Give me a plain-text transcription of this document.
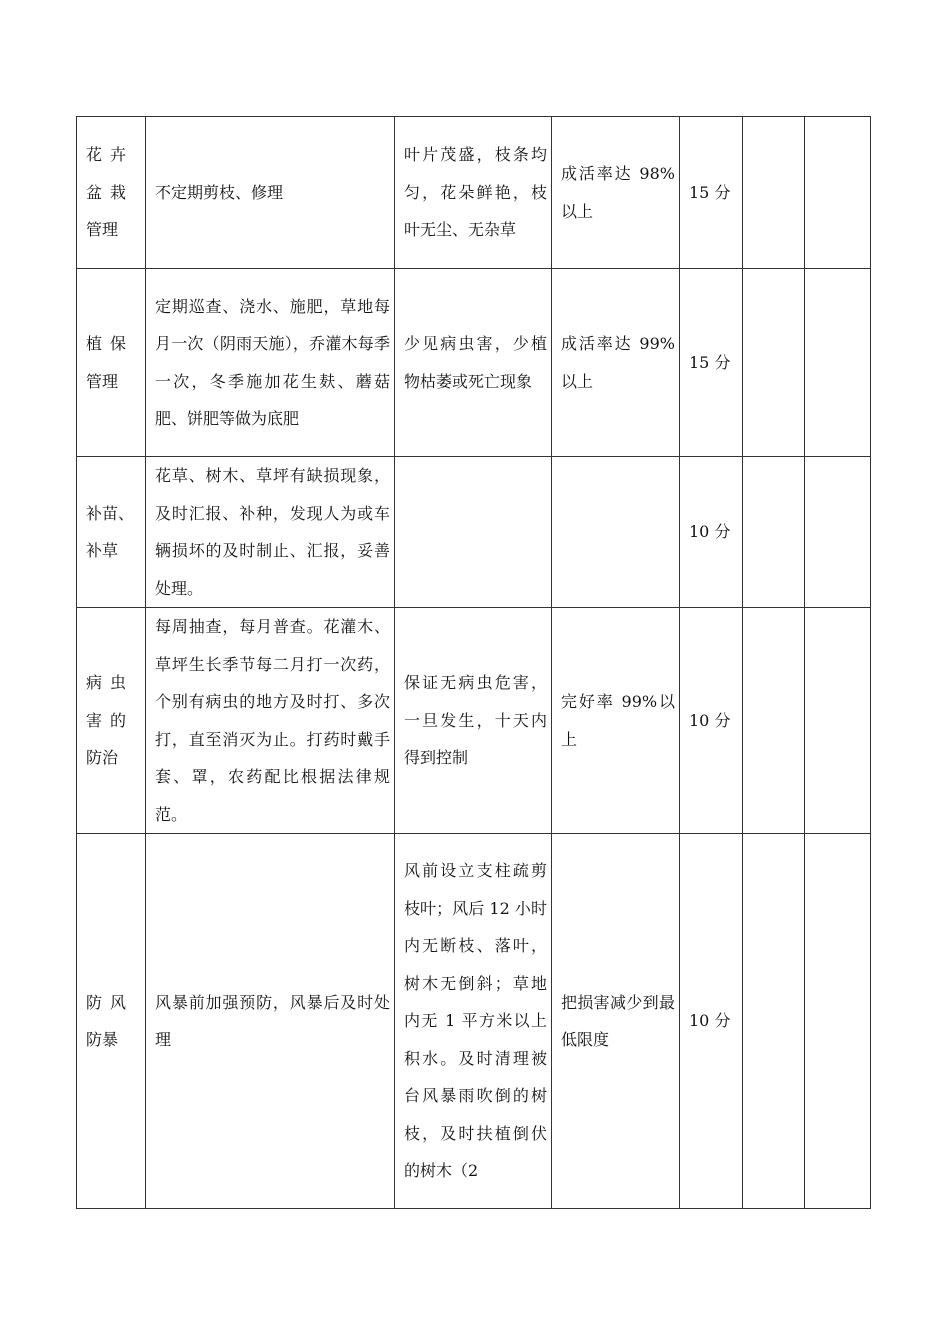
花卉盆栽管理	不定期剪枝、修理	叶片茂盛，枝条均匀，花朵鲜艳，枝叶无尘、无杂草	成活率达 98%以上	15 分		

植保管理	定期巡查、浇水、施肥，草地每月一次（阴雨天施），乔灌木每季一次，冬季施加花生麸、蘑菇肥、饼肥等做为底肥	少见病虫害，少植物枯萎或死亡现象	成活率达 99%以上	15 分		

补苗、补草	花草、树木、草坪有缺损现象，及时汇报、补种，发现人为或车辆损坏的及时制止、汇报，妥善处理。			10 分		

病虫害的防治	每周抽查，每月普查。花灌木、草坪生长季节每二月打一次药，个别有病虫的地方及时打、多次打，直至消灭为止。打药时戴手套、罩，农药配比根据法律规范。	保证无病虫危害，一旦发生，十天内得到控制	完好率 99%以上	10 分		

防风防暴	风暴前加强预防，风暴后及时处理	风前设立支柱疏剪枝叶；风后 12 小时内无断枝、落叶，树木无倒斜；草地内无 1 平方米以上积水。及时清理被台风暴雨吹倒的树枝，及时扶植倒伏的树木（2	把损害减少到最低限度	10 分		
